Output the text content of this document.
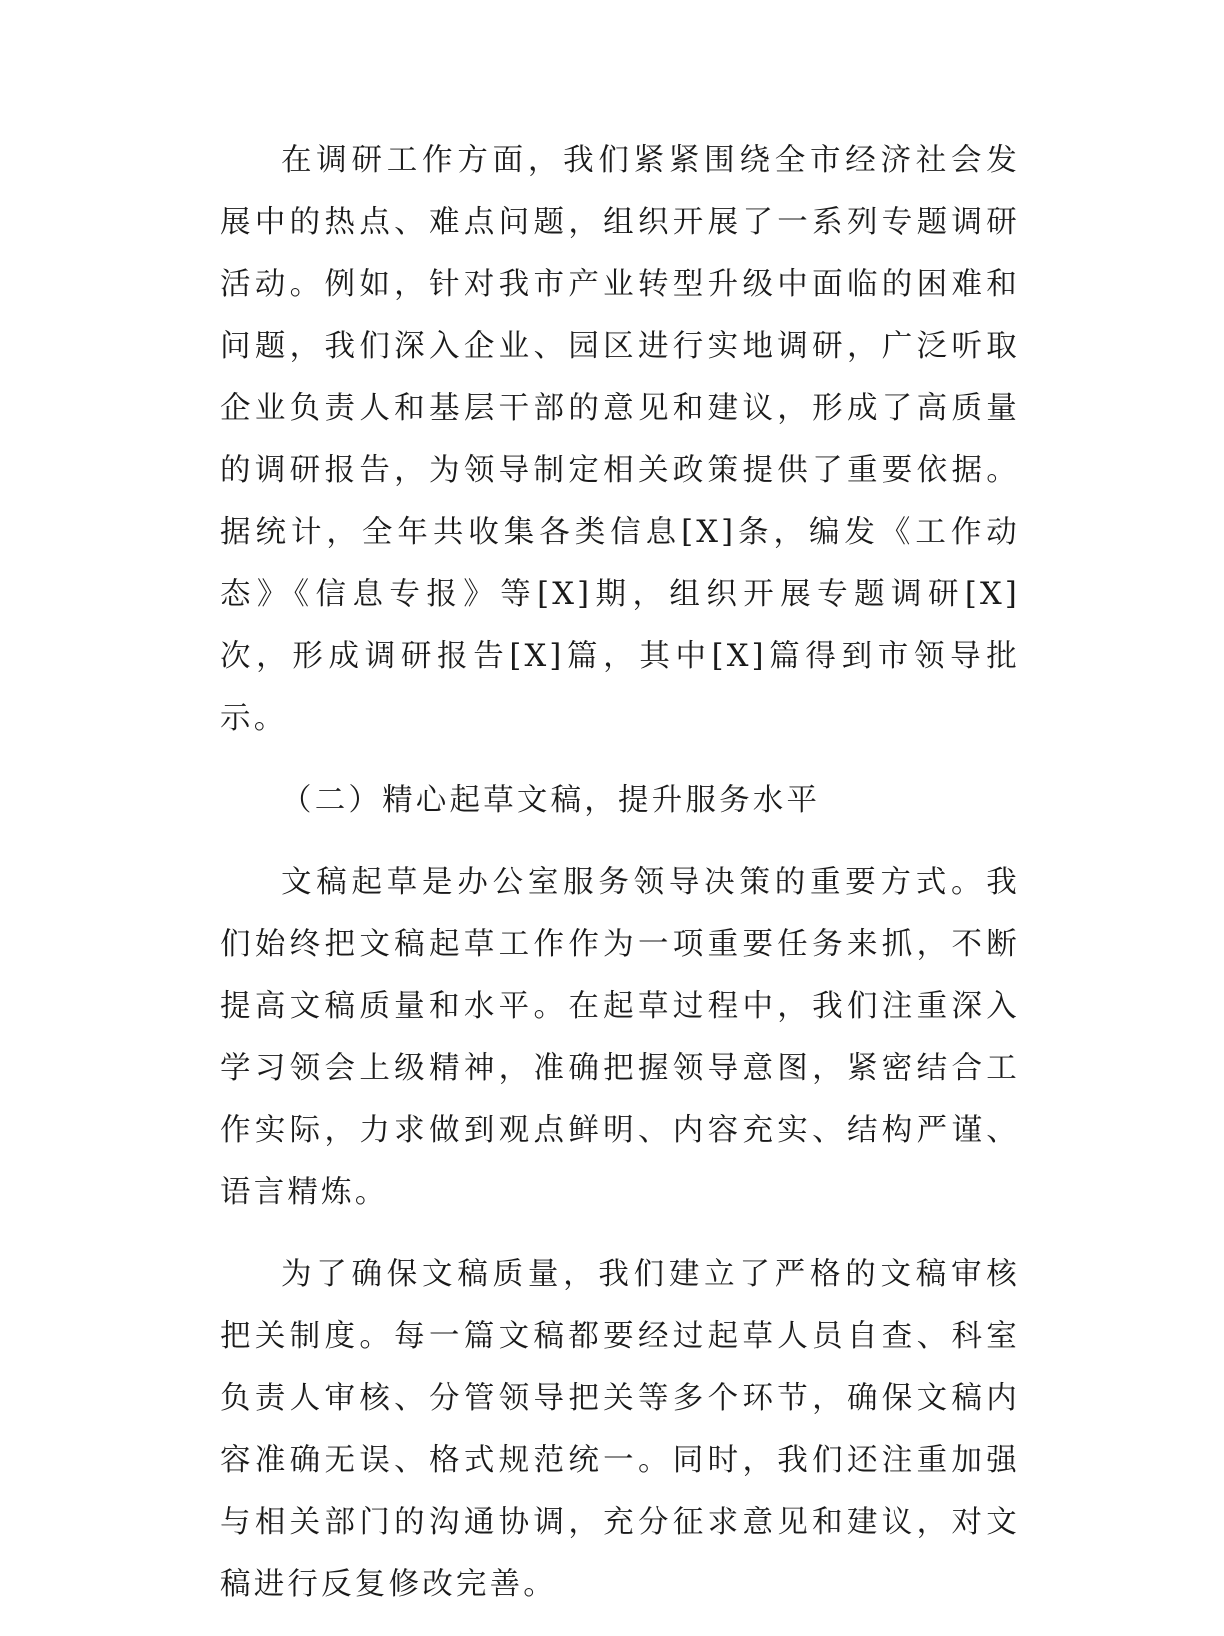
在调研工作方面，我们紧紧围绕全市经济社会发展中的热点、难点问题，组织开展了一系列专题调研活动。例如，针对我市产业转型升级中面临的困难和问题，我们深入企业、园区进行实地调研，广泛听取企业负责人和基层干部的意见和建议，形成了高质量的调研报告，为领导制定相关政策提供了重要依据。据统计，全年共收集各类信息[X]条，编发《工作动态》《信息专报》等[X]期，组织开展专题调研[X]次，形成调研报告[X]篇，其中[X]篇得到市领导批示。

（二）精心起草文稿，提升服务水平

文稿起草是办公室服务领导决策的重要方式。我们始终把文稿起草工作作为一项重要任务来抓，不断提高文稿质量和水平。在起草过程中，我们注重深入学习领会上级精神，准确把握领导意图，紧密结合工作实际，力求做到观点鲜明、内容充实、结构严谨、语言精炼。

为了确保文稿质量，我们建立了严格的文稿审核把关制度。每一篇文稿都要经过起草人员自查、科室负责人审核、分管领导把关等多个环节，确保文稿内容准确无误、格式规范统一。同时，我们还注重加强与相关部门的沟通协调，充分征求意见和建议，对文稿进行反复修改完善。
